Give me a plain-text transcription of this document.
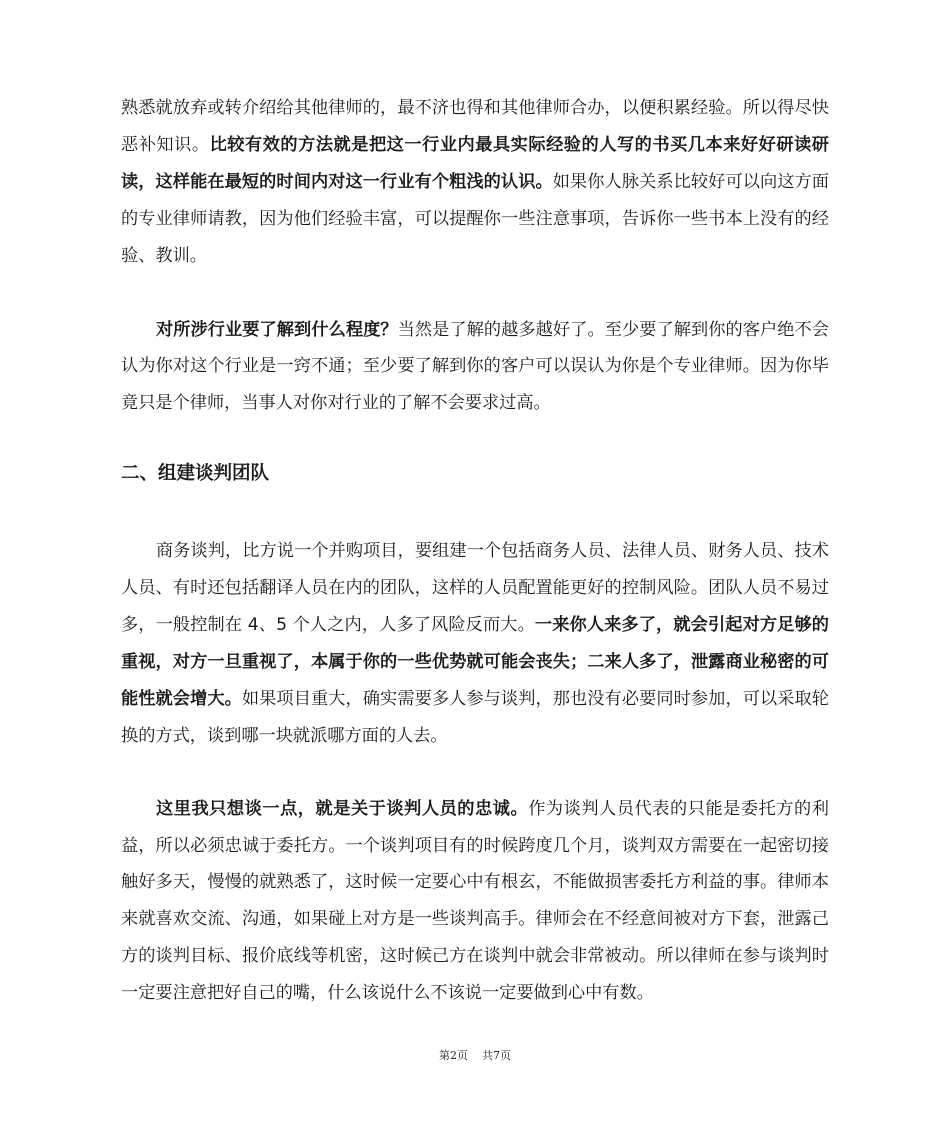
熟悉就放弃或转介绍给其他律师的，最不济也得和其他律师合办，以便积累经验。所以得尽快恶补知识。比较有效的方法就是把这一行业内最具实际经验的人写的书买几本来好好研读研读，这样能在最短的时间内对这一行业有个粗浅的认识。如果你人脉关系比较好可以向这方面的专业律师请教，因为他们经验丰富，可以提醒你一些注意事项，告诉你一些书本上没有的经验、教训。

对所涉行业要了解到什么程度？当然是了解的越多越好了。至少要了解到你的客户绝不会认为你对这个行业是一窍不通；至少要了解到你的客户可以误认为你是个专业律师。因为你毕竟只是个律师，当事人对你对行业的了解不会要求过高。

二、组建谈判团队

商务谈判，比方说一个并购项目，要组建一个包括商务人员、法律人员、财务人员、技术人员、有时还包括翻译人员在内的团队，这样的人员配置能更好的控制风险。团队人员不易过多，一般控制在 4、5 个人之内，人多了风险反而大。一来你人来多了，就会引起对方足够的重视，对方一旦重视了，本属于你的一些优势就可能会丧失；二来人多了，泄露商业秘密的可能性就会增大。如果项目重大，确实需要多人参与谈判，那也没有必要同时参加，可以采取轮换的方式，谈到哪一块就派哪方面的人去。

这里我只想谈一点，就是关于谈判人员的忠诚。作为谈判人员代表的只能是委托方的利益，所以必须忠诚于委托方。一个谈判项目有的时候跨度几个月，谈判双方需要在一起密切接触好多天，慢慢的就熟悉了，这时候一定要心中有根玄，不能做损害委托方利益的事。律师本来就喜欢交流、沟通，如果碰上对方是一些谈判高手。律师会在不经意间被对方下套，泄露己方的谈判目标、报价底线等机密，这时候己方在谈判中就会非常被动。所以律师在参与谈判时一定要注意把好自己的嘴，什么该说什么不该说一定要做到心中有数。

第2页 共7页
